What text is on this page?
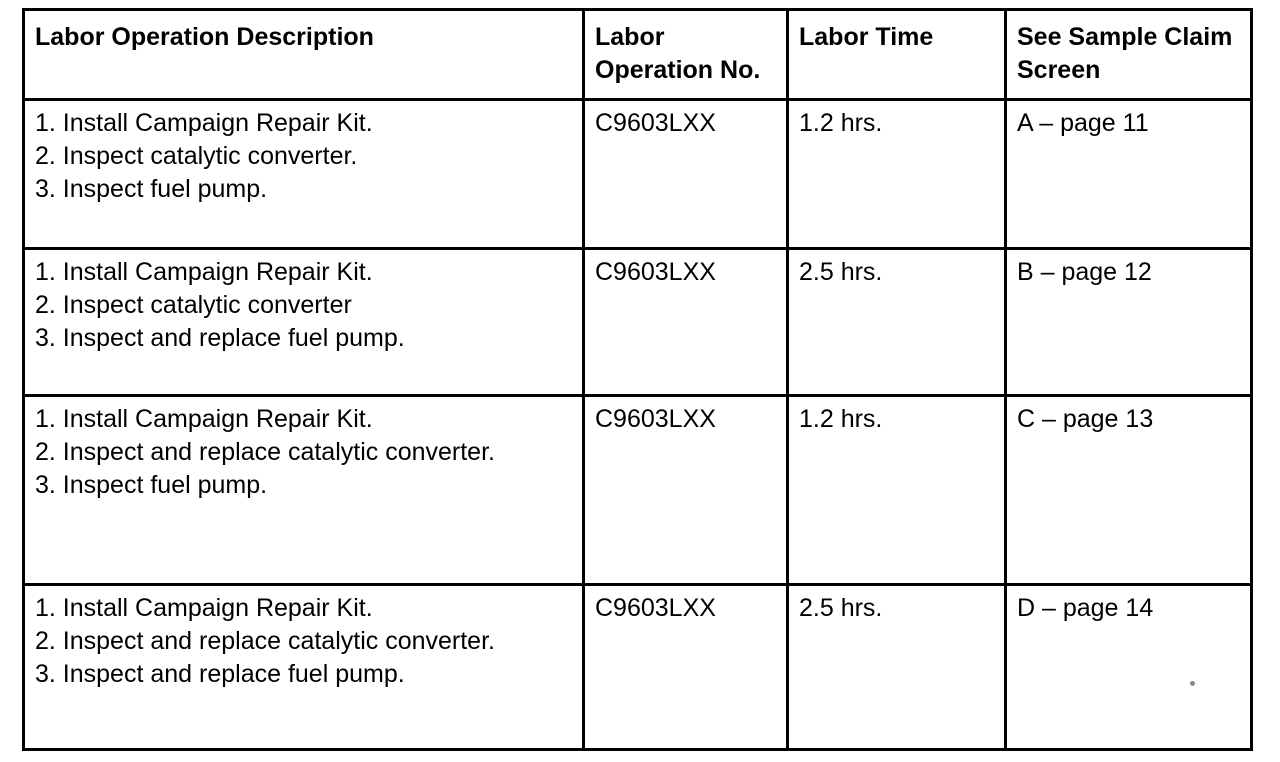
Labor Operation Description	Labor Operation No.	Labor Time	See Sample Claim Screen

1. Install Campaign Repair Kit.
2. Inspect catalytic converter.
3. Inspect fuel pump.	C9603LXX	1.2 hrs.	A – page 11

1. Install Campaign Repair Kit.
2. Inspect catalytic converter
3. Inspect and replace fuel pump.	C9603LXX	2.5 hrs.	B – page 12

1. Install Campaign Repair Kit.
2. Inspect and replace catalytic converter.
3. Inspect fuel pump.	C9603LXX	1.2 hrs.	C – page 13

1. Install Campaign Repair Kit.
2. Inspect and replace catalytic converter.
3. Inspect and replace fuel pump.	C9603LXX	2.5 hrs.	D – page 14
